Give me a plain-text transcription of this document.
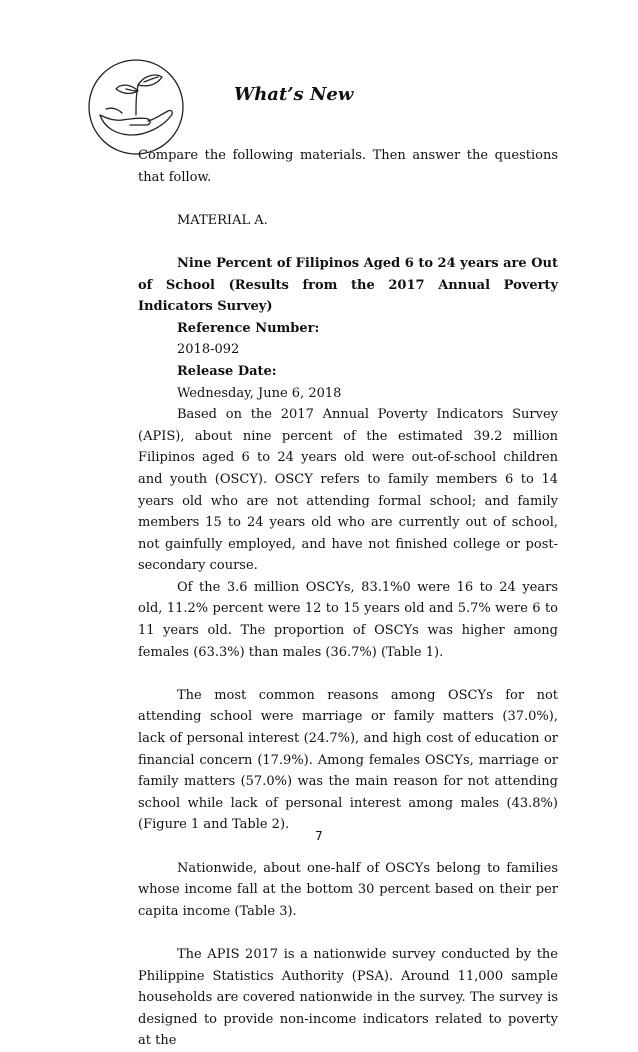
What’s New

Compare the following materials. Then answer the questions that follow.

MATERIAL A.

Nine Percent of Filipinos Aged 6 to 24 years are Out of School (Results from the 2017 Annual Poverty Indicators Survey)

Reference Number:

2018-092

Release Date:

Wednesday, June 6, 2018

Based on the 2017 Annual Poverty Indicators Survey (APIS), about nine percent of the estimated 39.2 million Filipinos aged 6 to 24 years old were out-of-school children and youth (OSCY). OSCY refers to family members 6 to 14 years old who are not attending formal school; and family members 15 to 24 years old who are currently out of school, not gainfully employed, and have not finished college or post-secondary course.

Of the 3.6 million OSCYs, 83.1%0 were 16 to 24 years old, 11.2% percent were 12 to 15 years old and 5.7% were 6 to 11 years old. The proportion of OSCYs was higher among females (63.3%) than males (36.7%) (Table 1).

The most common reasons among OSCYs for not attending school were marriage or family matters (37.0%), lack of personal interest (24.7%), and high cost of education or financial concern (17.9%). Among females OSCYs, marriage or family matters (57.0%) was the main reason for not attending school while lack of personal interest among males (43.8%) (Figure 1 and Table 2).

Nationwide, about one-half of OSCYs belong to families whose income fall at the bottom 30 percent based on their per capita income (Table 3).

The APIS 2017 is a nationwide survey conducted by the Philippine Statistics Authority (PSA). Around 11,000 sample households are covered nationwide in the survey. The survey is designed to provide non-income indicators related to poverty at the

7
